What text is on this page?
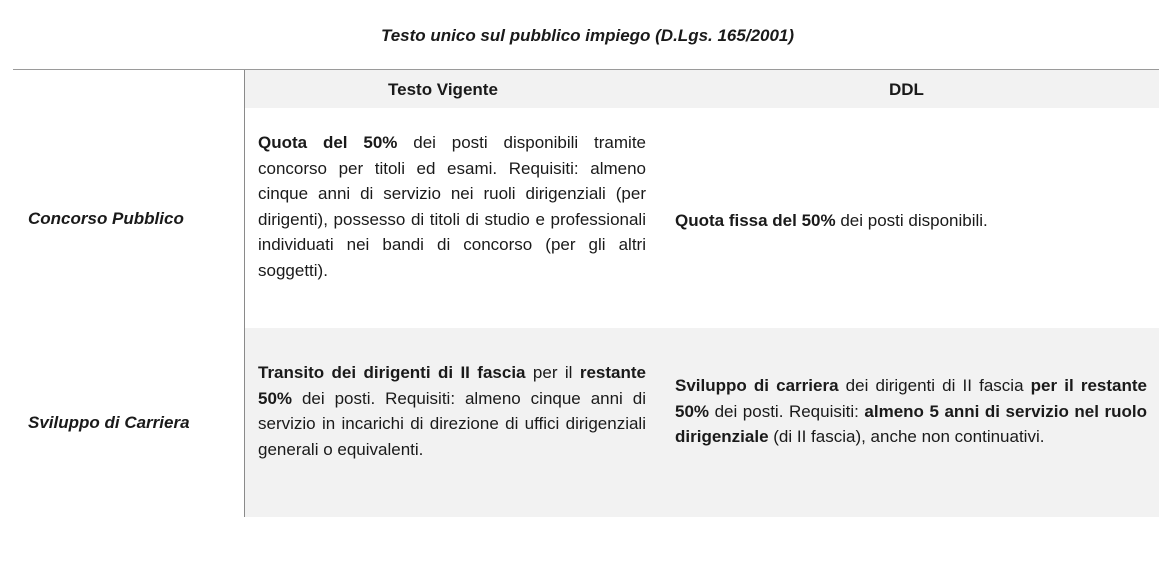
Testo unico sul pubblico impiego (D.Lgs. 165/2001)
Testo Vigente	DDL
Concorso Pubblico
Quota del 50% dei posti disponibili tramite concorso per titoli ed esami. Requisiti: almeno cinque anni di servizio nei ruoli dirigenziali (per dirigenti), possesso di titoli di studio e professionali individuati nei bandi di concorso (per gli altri soggetti).
Quota fissa del 50% dei posti disponibili.
Sviluppo di Carriera
Transito dei dirigenti di II fascia per il restante 50% dei posti. Requisiti: almeno cinque anni di servizio in incarichi di direzione di uffici dirigenziali generali o equivalenti.
Sviluppo di carriera dei dirigenti di II fascia per il restante 50% dei posti. Requisiti: almeno 5 anni di servizio nel ruolo dirigenziale (di II fascia), anche non continuativi.
